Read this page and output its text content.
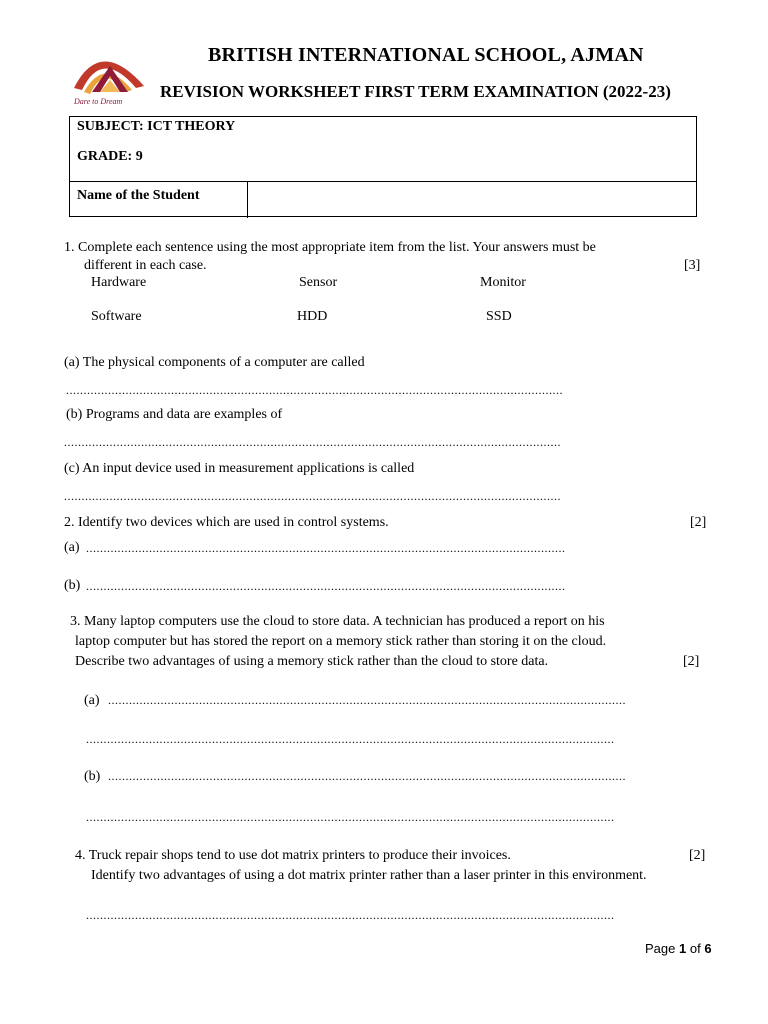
Dare to Dream
BRITISH INTERNATIONAL SCHOOL, AJMAN
REVISION WORKSHEET FIRST TERM EXAMINATION (2022-23)
SUBJECT: ICT THEORY
GRADE: 9
Name of the Student
1. Complete each sentence using the most appropriate item from the list. Your answers must be
different in each case.	[3]
Hardware	Sensor	Monitor
Software	HDD	SSD
(a) The physical components of a computer are called
..............................................................................................................................................
(b) Programs and data are examples of
..............................................................................................................................................
(c) An input device used in measurement applications is called
..............................................................................................................................................
2. Identify two devices which are used in control systems.	[2]
(a) .........................................................................................................................................
(b) .........................................................................................................................................
3. Many laptop computers use the cloud to store data. A technician has produced a report on his
laptop computer but has stored the report on a memory stick rather than storing it on the cloud.
Describe two advantages of using a memory stick rather than the cloud to store data.	[2]
(a) ....................................................................................................................................................
.......................................................................................................................................................
(b) ....................................................................................................................................................
.......................................................................................................................................................
4. Truck repair shops tend to use dot matrix printers to produce their invoices.	[2]
Identify two advantages of using a dot matrix printer rather than a laser printer in this environment.
.......................................................................................................................................................
Page 1 of 6
